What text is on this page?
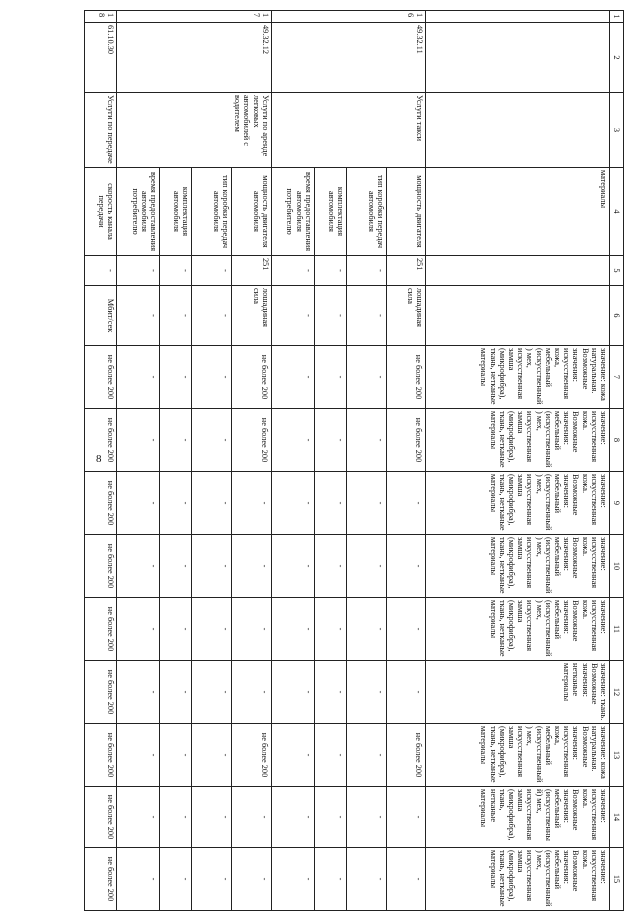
8
1	2	3	4	5	6	7	8	9	10	11	12	13	14	15
			материалы			значение: кожа натуральная. Возможные значения: искусственная кожа, мебельный (искусственный) мех, искусственная замша (микрофибра), ткань, нетканые материалы	значение: искусственная кожа. Возможные значения: мебельный (искусственный) мех, искусственная замша (микрофибра), ткань, нетканые материалы	значение: искусственная кожа. Возможные значения: мебельный (искусственный) мех, искусственная замша (микрофибра), ткань, нетканые материалы	значение: искусственная кожа. Возможные значения: мебельный (искусственный) мех, искусственная замша (микрофибра), ткань, нетканые материалы	значение: искусственная кожа. Возможные значения: мебельный (искусственный) мех, искусственная замша (микрофибра), ткань, нетканые материалы	значение: ткань. Возможные значения: нетканые материалы	значение: кожа натуральная. Возможные значения: искусственная кожа, мебельный (искусственный) мех, искусственная замша (микрофибра), ткань, нетканые материалы	значение: искусственная кожа. Возможные значения: мебельный (искусственный) мех, искусственная замша (микрофибра), ткань, нетканые материалы	значение: искусственная кожа. Возможные значения: мебельный (искусственный) мех, искусственная замша (микрофибра), ткань, нетканые материалы
16	49.32.11	Услуги такси	мощность двигателя	251	лошадиная сила	не более 200	не более 200	-	-	-	-	не более 200	-	-
			тип коробки передач автомобиля	-	-	-	-	-	-	-	-	-	-	-
			комплектация автомобиля	-	-	-	-	-	-	-	-	-	-	-
			время предоставления автомобиля потребителю	-	-	-	-	-	-	-	-	-	-	-
17	49.32.12	Услуги по аренде легковых автомобилей с водителем	мощность двигателя автомобиля	251	лошадиная сила	не более 200	не более 200	-	-	-	-	не более 200	-	-
			тип коробки передач автомобиля	-	-	-	-	-	-	-	-	-	-	-
			комплектация автомобиля	-	-	-	-	-	-	-	-	-	-	-
			время предоставления автомобиля потребителю	-	-	-	-	-	-	-	-	-	-	-
18	61.10.30	Услуги по передаче	скорость канала передачи	-	Мбит/сек	не более 200	не более 200	не более 200	не более 200	не более 200	не более 200	не более 200	не более 200	не более 200
